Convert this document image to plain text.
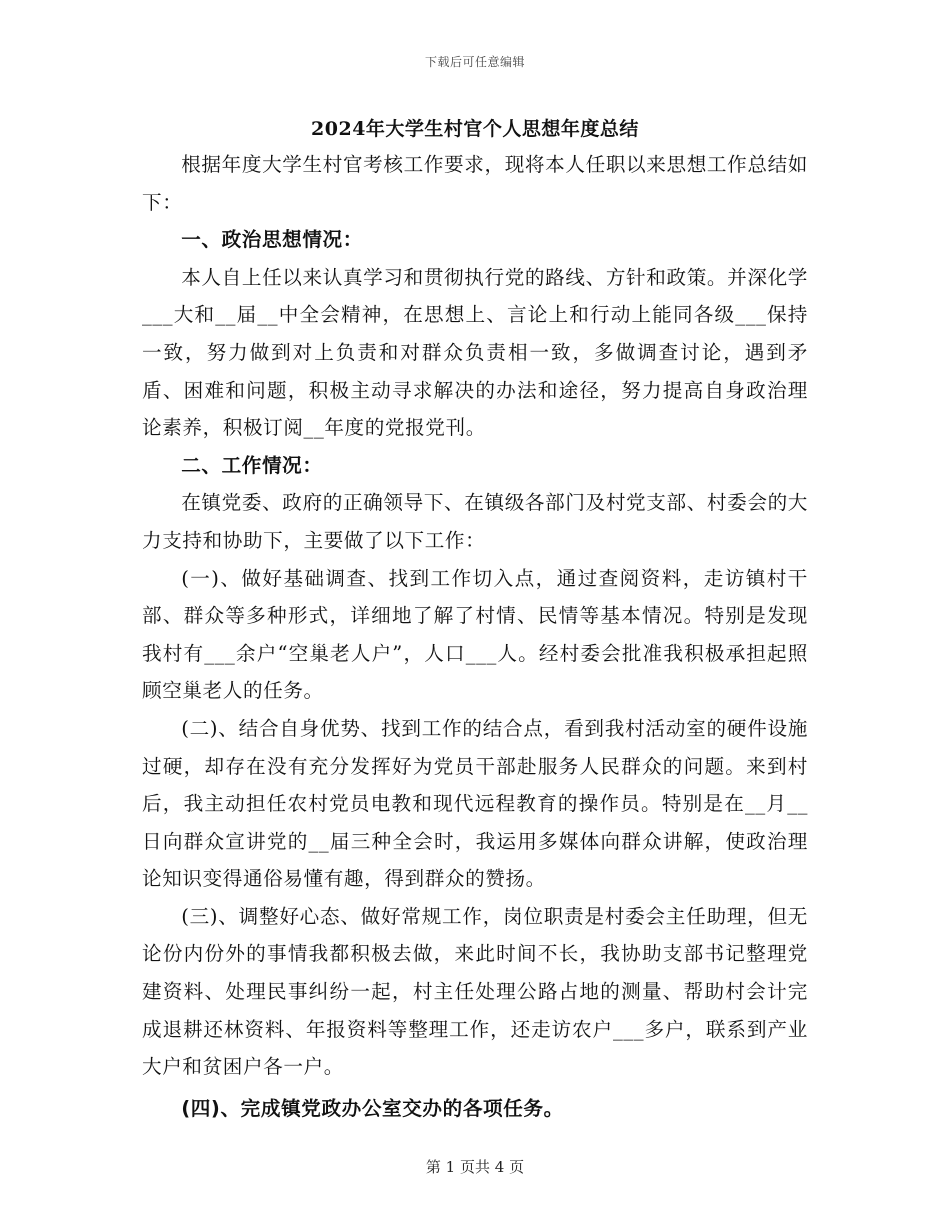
下载后可任意编辑
2024年大学生村官个人思想年度总结

根据年度大学生村官考核工作要求，现将本人任职以来思想工作总结如下：

一、政治思想情况：

本人自上任以来认真学习和贯彻执行党的路线、方针和政策。并深化学___大和__届__中全会精神，在思想上、言论上和行动上能同各级___保持一致，努力做到对上负责和对群众负责相一致，多做调查讨论，遇到矛盾、困难和问题，积极主动寻求解决的办法和途径，努力提高自身政治理论素养，积极订阅__年度的党报党刊。

二、工作情况：

在镇党委、政府的正确领导下、在镇级各部门及村党支部、村委会的大力支持和协助下，主要做了以下工作：

(一)、做好基础调查、找到工作切入点，通过查阅资料，走访镇村干部、群众等多种形式，详细地了解了村情、民情等基本情况。特别是发现我村有___余户“空巢老人户”，人口___人。经村委会批准我积极承担起照顾空巢老人的任务。

(二)、结合自身优势、找到工作的结合点，看到我村活动室的硬件设施过硬，却存在没有充分发挥好为党员干部赴服务人民群众的问题。来到村后，我主动担任农村党员电教和现代远程教育的操作员。特别是在__月__日向群众宣讲党的__届三种全会时，我运用多媒体向群众讲解，使政治理论知识变得通俗易懂有趣，得到群众的赞扬。

(三)、调整好心态、做好常规工作，岗位职责是村委会主任助理，但无论份内份外的事情我都积极去做，来此时间不长，我协助支部书记整理党建资料、处理民事纠纷一起，村主任处理公路占地的测量、帮助村会计完成退耕还林资料、年报资料等整理工作，还走访农户___多户，联系到产业大户和贫困户各一户。

(四)、完成镇党政办公室交办的各项任务。

第 1 页共 4 页
